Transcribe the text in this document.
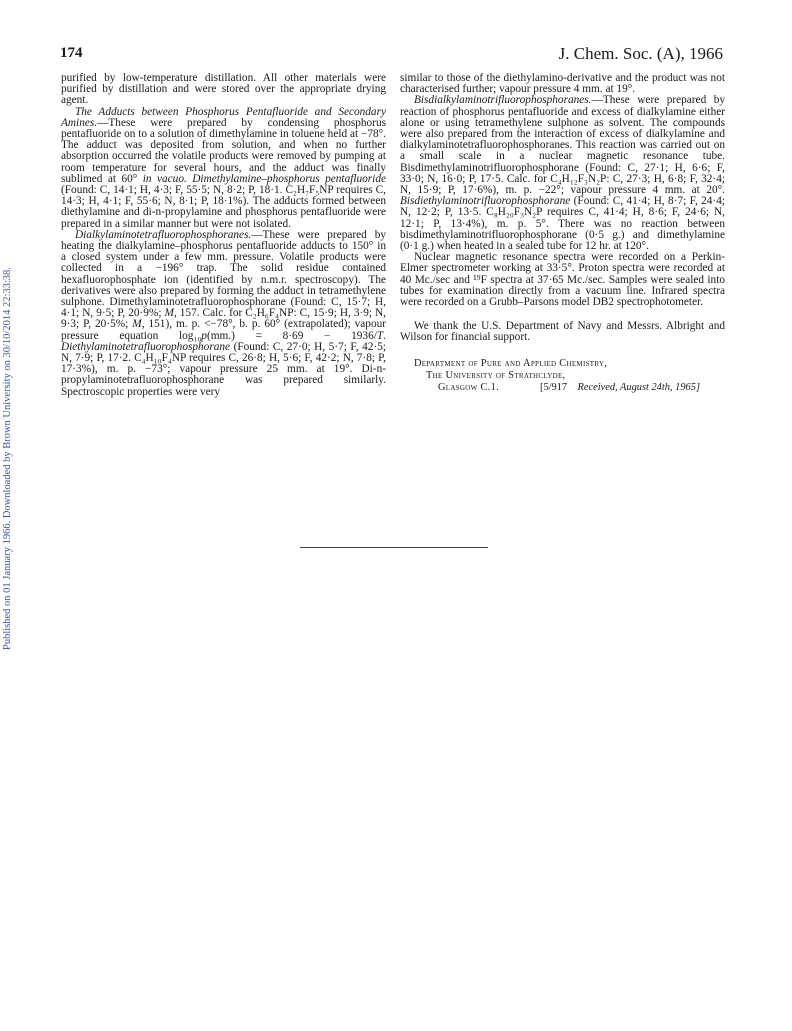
Published on 01 January 1966. Downloaded by Brown University on 30/10/2014 22:33:38.
174	J. Chem. Soc. (A), 1966

purified by low-temperature distillation. All other materials were purified by distillation and were stored over the appropriate drying agent.

The Adducts between Phosphorus Pentafluoride and Secondary Amines.—These were prepared by condensing phosphorus pentafluoride on to a solution of dimethylamine in toluene held at −78°. The adduct was deposited from solution, and when no further absorption occurred the volatile products were removed by pumping at room temperature for several hours, and the adduct was finally sublimed at 60° in vacuo. Dimethylamine–phosphorus pentafluoride (Found: C, 14·1; H, 4·3; F, 55·5; N, 8·2; P, 18·1. C₂H₇F₅NP requires C, 14·3; H, 4·1; F, 55·6; N, 8·1; P, 18·1%). The adducts formed between diethylamine and di-n-propylamine and phosphorus pentafluoride were prepared in a similar manner but were not isolated.

Dialkylaminotetrafluorophosphoranes.—These were prepared by heating the dialkylamine–phosphorus pentafluoride adducts to 150° in a closed system under a few mm. pressure. Volatile products were collected in a −196° trap. The solid residue contained hexafluorophosphate ion (identified by n.m.r. spectroscopy). The derivatives were also prepared by forming the adduct in tetramethylene sulphone. Dimethylaminotetrafluorophosphorane (Found: C, 15·7; H, 4·1; N, 9·5; P, 20·9%; M, 157. Calc. for C₂H₆F₄NP: C, 15·9; H, 3·9; N, 9·3; P, 20·5%; M, 151), m. p. <−78°, b. p. 60° (extrapolated); vapour pressure equation log₁₀p(mm.) = 8·69 − 1936/T. Diethylaminotetrafluorophosphorane (Found: C, 27·0; H, 5·7; F, 42·5; N, 7·9; P, 17·2. C₄H₁₀F₄NP requires C, 26·8; H, 5·6; F, 42·2; N, 7·8; P, 17·3%), m. p. −73°; vapour pressure 25 mm. at 19°. Di-n-propylaminotetrafluorophosphorane was prepared similarly. Spectroscopic properties were very

similar to those of the diethylamino-derivative and the product was not characterised further; vapour pressure 4 mm. at 19°.

Bisdialkylaminotrifluorophosphoranes.—These were prepared by reaction of phosphorus pentafluoride and excess of dialkylamine either alone or using tetramethylene sulphone as solvent. The compounds were also prepared from the interaction of excess of dialkylamine and dialkylaminotetrafluorophosphoranes. This reaction was carried out on a small scale in a nuclear magnetic resonance tube. Bisdimethylaminotrifluorophosphorane (Found: C, 27·1; H, 6·6; F, 33·0; N, 16·0; P, 17·5. Calc. for C₄H₁₂F₃N₂P: C, 27·3; H, 6·8; F, 32·4; N, 15·9; P, 17·6%), m. p. −22°; vapour pressure 4 mm. at 20°. Bisdiethylaminotrifluorophosphorane (Found: C, 41·4; H, 8·7; F, 24·4; N, 12·2; P, 13·5. C₈H₂₀F₃N₂P requires C, 41·4; H, 8·6; F, 24·6; N, 12·1; P, 13·4%), m. p. 5°. There was no reaction between bisdimethylaminotrifluorophosphorane (0·5 g.) and dimethylamine (0·1 g.) when heated in a sealed tube for 12 hr. at 120°.

Nuclear magnetic resonance spectra were recorded on a Perkin-Elmer spectrometer working at 33·5°. Proton spectra were recorded at 40 Mc./sec and ¹⁹F spectra at 37·65 Mc./sec. Samples were sealed into tubes for examination directly from a vacuum line. Infrared spectra were recorded on a Grubb–Parsons model DB2 spectrophotometer.

We thank the U.S. Department of Navy and Messrs. Albright and Wilson for financial support.

Department of Pure and Applied Chemistry,
The University of Strathclyde,
Glasgow C.1.	[5/917 Received, August 24th, 1965]
